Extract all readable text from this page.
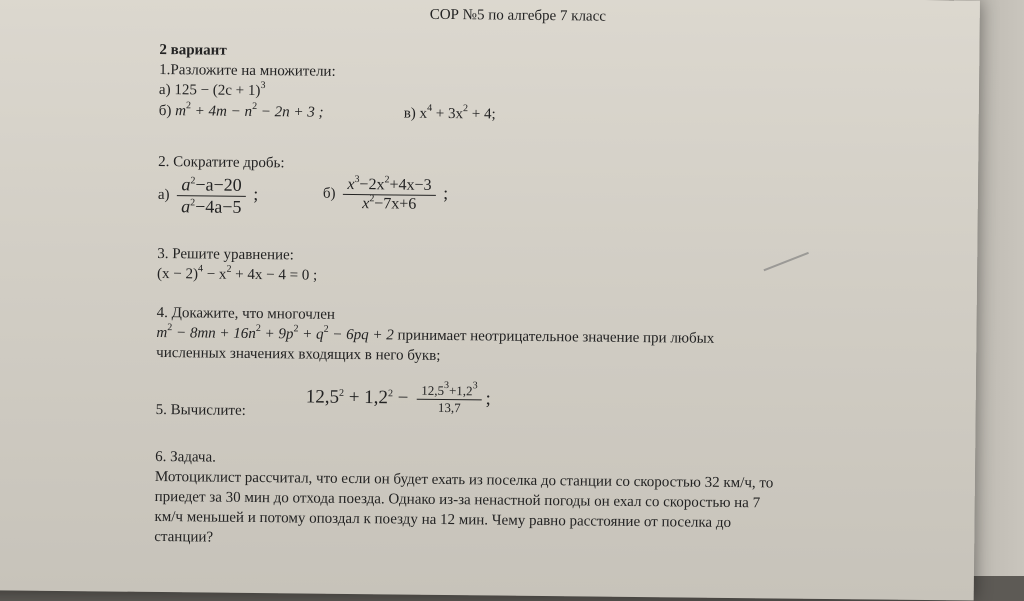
СОР №5 по алгебре 7 класс
2 вариант
1.Разложите на множители:
а) $125 - (2c + 1)^3$
б) $m^2 + 4m - n^2 - 2n + 3$ ;	в) $x^4 + 3x^2 + 4$;
2. Сократите дробь:
$а) \frac{a^2-a-20}{a^2-4a-5}$ ;	$б) \frac{x^3-2x^2+4x-3}{x^2-7x+6}$ ;
3. Решите уравнение:
$(x - 2)^4 - x^2 + 4x - 4 = 0$ ;
4. Докажите, что многочлен
$m^2 - 8mn + 16n^2 + 9p^2 + q^2 - 6pq + 2$ принимает неотрицательное значение при любых
численных значениях входящих в него букв;
5. Вычислите:
$12,5^2 + 1,2^2 - \frac{12,5^3+1,2^3}{13,7}$ ;
6. Задача.
Мотоциклист рассчитал, что если он будет ехать из поселка до станции со скоростью 32 км/ч, то
приедет за 30 мин до отхода поезда. Однако из-за ненастной погоды он ехал со скоростью на 7
км/ч меньшей и потому опоздал к поезду на 12 мин. Чему равно расстояние от поселка до
станции?
